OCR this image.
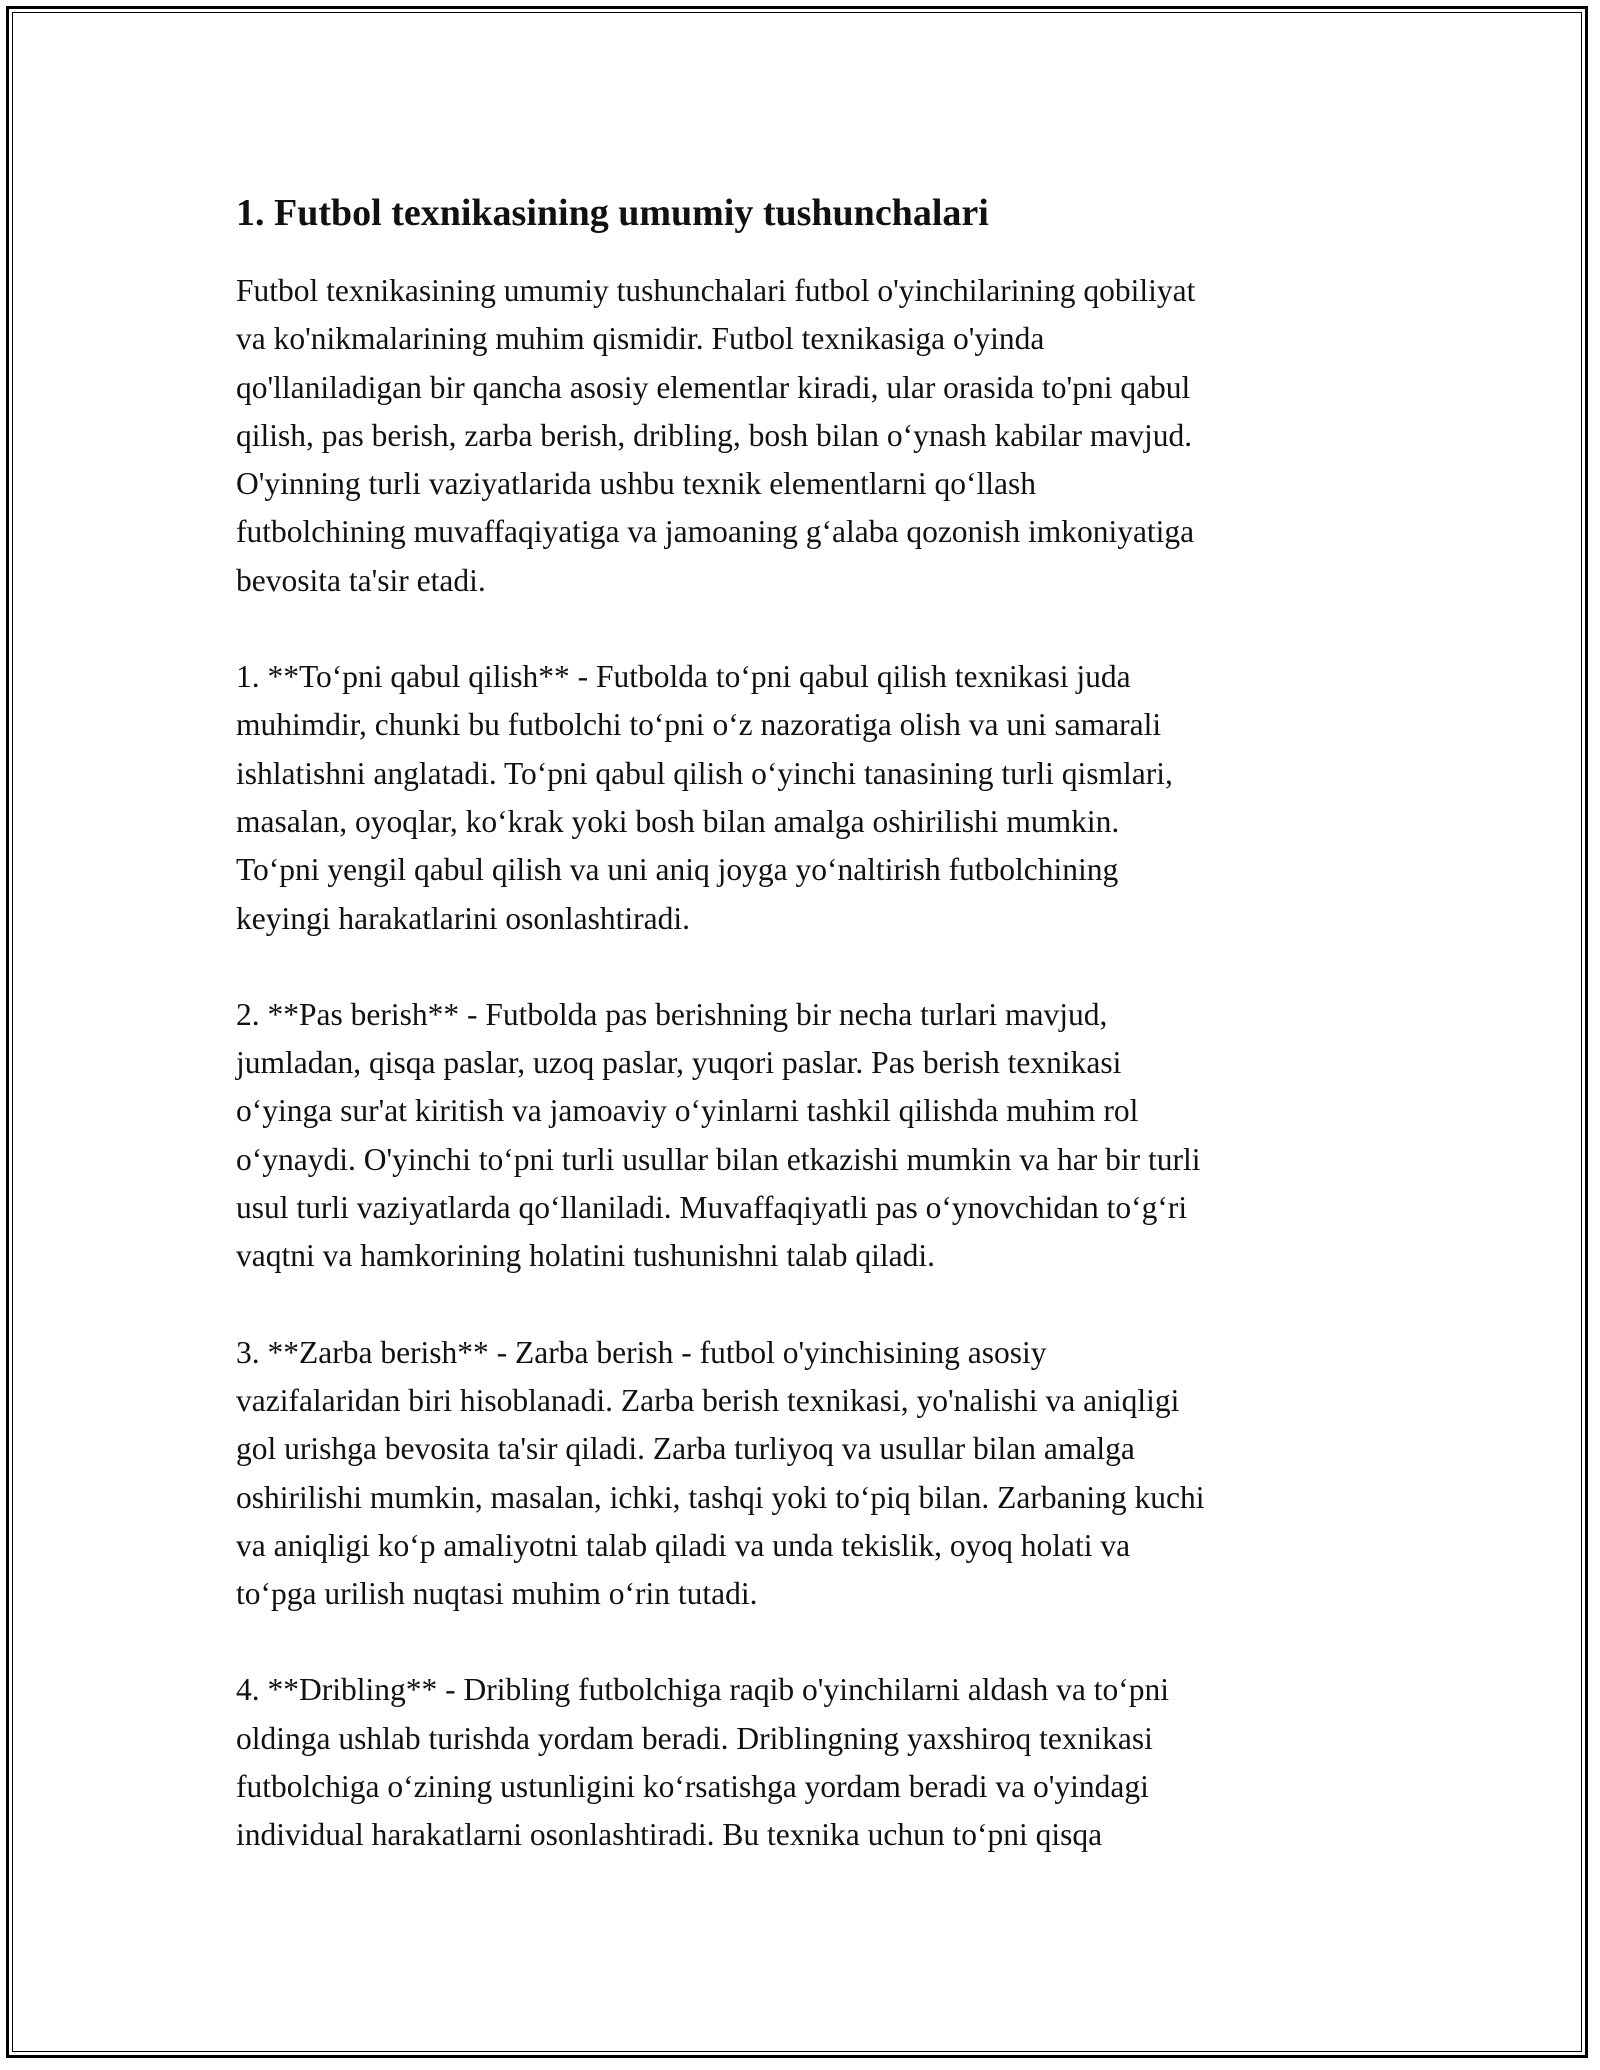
1. Futbol texnikasining umumiy tushunchalari

Futbol texnikasining umumiy tushunchalari futbol o'yinchilarining qobiliyat
va ko'nikmalarining muhim qismidir. Futbol texnikasiga o'yinda
qo'llaniladigan bir qancha asosiy elementlar kiradi, ular orasida to'pni qabul
qilish, pas berish, zarba berish, dribling, bosh bilan oʻynash kabilar mavjud.
O'yinning turli vaziyatlarida ushbu texnik elementlarni qoʻllash
futbolchining muvaffaqiyatiga va jamoaning gʻalaba qozonish imkoniyatiga
bevosita ta'sir etadi.

1. **Toʻpni qabul qilish** - Futbolda toʻpni qabul qilish texnikasi juda
muhimdir, chunki bu futbolchi toʻpni oʻz nazoratiga olish va uni samarali
ishlatishni anglatadi. Toʻpni qabul qilish oʻyinchi tanasining turli qismlari,
masalan, oyoqlar, koʻkrak yoki bosh bilan amalga oshirilishi mumkin.
Toʻpni yengil qabul qilish va uni aniq joyga yoʻnaltirish futbolchining
keyingi harakatlarini osonlashtiradi.

2. **Pas berish** - Futbolda pas berishning bir necha turlari mavjud,
jumladan, qisqa paslar, uzoq paslar, yuqori paslar. Pas berish texnikasi
oʻyinga sur'at kiritish va jamoaviy oʻyinlarni tashkil qilishda muhim rol
oʻynaydi. O'yinchi toʻpni turli usullar bilan etkazishi mumkin va har bir turli
usul turli vaziyatlarda qoʻllaniladi. Muvaffaqiyatli pas oʻynovchidan toʻgʻri
vaqtni va hamkorining holatini tushunishni talab qiladi.

3. **Zarba berish** - Zarba berish - futbol o'yinchisining asosiy
vazifalaridan biri hisoblanadi. Zarba berish texnikasi, yo'nalishi va aniqligi
gol urishga bevosita ta'sir qiladi. Zarba turliyoq va usullar bilan amalga
oshirilishi mumkin, masalan, ichki, tashqi yoki toʻpiq bilan. Zarbaning kuchi
va aniqligi koʻp amaliyotni talab qiladi va unda tekislik, oyoq holati va
toʻpga urilish nuqtasi muhim oʻrin tutadi.

4. **Dribling** - Dribling futbolchiga raqib o'yinchilarni aldash va toʻpni
oldinga ushlab turishda yordam beradi. Driblingning yaxshiroq texnikasi
futbolchiga oʻzining ustunligini koʻrsatishga yordam beradi va o'yindagi
individual harakatlarni osonlashtiradi. Bu texnika uchun toʻpni qisqa
